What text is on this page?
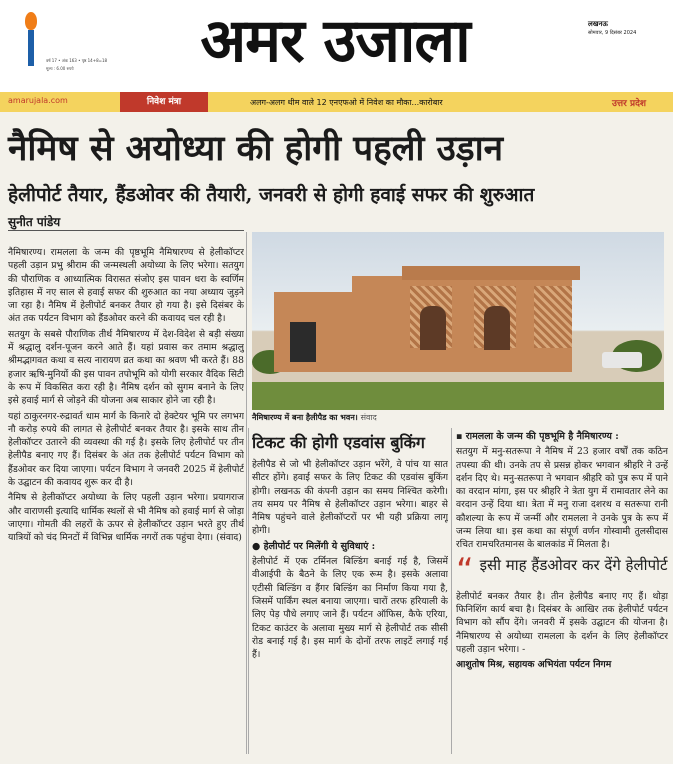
वर्ष 17 • अंक 163 • पृष्ठ 14+8=18
मूल्य : 6.00 रुपये	अमर उजाला	लखनऊ
सोमवार, 9 दिसंबर 2024
amarujala.com	निवेश मंत्रा	अलग-अलग थीम वाले 12 एनएफओ में निवेश का मौका...कारोबार	उत्तर प्रदेश
नैमिष से अयोध्या की होगी पहली उड़ान
हेलीपोर्ट तैयार, हैंडओवर की तैयारी, जनवरी से होगी हवाई सफर की शुरुआत
सुनीत पांडेय

नैमिषारण्य। रामलला के जन्म की पृष्ठभूमि नैमिषारण्य से हेलीकॉप्टर पहली उड़ान प्रभु श्रीराम की जन्मस्थली अयोध्या के लिए भरेगा। सतयुग की पौराणिक व आध्यात्मिक विरासत संजोए इस पावन धरा के स्वर्णिम इतिहास में नए साल से हवाई सफर की शुरुआत का नया अध्याय जुड़ने जा रहा है। नैमिष में हेलीपोर्ट बनकर तैयार हो गया है। इसे दिसंबर के अंत तक पर्यटन विभाग को हैंडओवर करने की कवायद चल रही है।

सतयुग के सबसे पौराणिक तीर्थ नैमिषारण्य में देश-विदेश से बड़ी संख्या में श्रद्धालु दर्शन-पूजन करने आते हैं। यहां प्रवास कर तमाम श्रद्धालु श्रीमद्भागवत कथा व सत्य नारायण व्रत कथा का श्रवण भी करते हैं। 88 हजार ऋषि-मुनियों की इस पावन तपोभूमि को योगी सरकार वैदिक सिटी के रूप में विकसित करा रही है। नैमिष दर्शन को सुगम बनाने के लिए इसे हवाई मार्ग से जोड़ने की योजना अब साकार होने जा रही है।

यहां ठाकुरनगर-रुद्रावर्त धाम मार्ग के किनारे दो हेक्टेयर भूमि पर लगभग नौ करोड़ रुपये की लागत से हेलीपोर्ट बनकर तैयार है। इसके साथ तीन हेलीकॉप्टर उतारने की व्यवस्था की गई है। इसके लिए हेलीपोर्ट पर तीन हेलीपैड बनाए गए हैं। दिसंबर के अंत तक हेलीपोर्ट पर्यटन विभाग को हैंडओवर कर दिया जाएगा। पर्यटन विभाग ने जनवरी 2025 में हेलीपोर्ट के उद्घाटन की कवायद शुरू कर दी है।

नैमिष से हेलीकॉप्टर अयोध्या के लिए पहली उड़ान भरेगा। प्रयागराज और वाराणसी इत्यादि धार्मिक स्थलों से भी नैमिष को हवाई मार्ग से जोड़ा जाएगा। गोमती की लहरों के ऊपर से हेलीकॉप्टर उड़ान भरते हुए तीर्थ यात्रियों को चंद मिनटों में विभिन्न धार्मिक नगरों तक पहुंचा देगा। (संवाद)

नैमिषारण्य में बना हैलीपैड का भवन। संवाद
टिकट की होगी एडवांस बुकिंग

हेलीपैड से जो भी हेलीकॉप्टर उड़ान भरेंगे, वे पांच या सात सीटर होंगे। हवाई सफर के लिए टिकट की एडवांस बुकिंग होगी। लखनऊ की कंपनी उड़ान का समय निश्चित करेगी। तय समय पर नैमिष से हेलीकॉप्टर उड़ान भरेगा। बाहर से नैमिष पहुंचने वाले हेलीकॉप्टरों पर भी यही प्रक्रिया लागू होगी।

● हेलीपोर्ट पर मिलेंगी ये सुविधाएं :

हेलीपोर्ट में एक टर्मिनल बिल्डिंग बनाई गई है, जिसमें वीआईपी के बैठने के लिए एक रूम है। इसके अलावा एटीसी बिल्डिंग व हैंगर बिल्डिंग का निर्माण किया गया है, जिसमें पार्किंग स्थल बनाया जाएगा। चारों तरफ हरियाली के लिए पेड़ पौधे लगाए जाने हैं। पर्यटन ऑफिस, कैफे एरिया, टिकट काउंटर के अलावा मुख्य मार्ग से हेलीपोर्ट तक सीसी रोड बनाई गई है। इस मार्ग के दोनों तरफ लाइटें लगाई गई हैं।

▪ रामलला के जन्म की पृष्ठभूमि है नैमिषारण्य :

सतयुग में मनु-सतरूपा ने नैमिष में 23 हजार वर्षों तक कठिन तपस्या की थी। उनके तप से प्रसन्न होकर भगवान श्रीहरि ने उन्हें दर्शन दिए थे। मनु-सतरूपा ने भगवान श्रीहरि को पुत्र रूप में पाने का वरदान मांगा, इस पर श्रीहरि ने त्रेता युग में रामावतार लेने का वरदान उन्हें दिया था। त्रेता में मनु राजा दशरथ व सतरूपा रानी कौशल्या के रूप में जन्मीं और रामलला ने उनके पुत्र के रूप में जन्म लिया था। इस कथा का संपूर्ण वर्णन गोस्वामी तुलसीदास रचित रामचरितमानस के बालकांड में मिलता है।

“ इसी माह हैंडओवर कर देंगे हेलीपोर्ट

हेलीपोर्ट बनकर तैयार है। तीन हेलीपैड बनाए गए हैं। थोड़ा फिनिशिंग कार्य बचा है। दिसंबर के आखिर तक हेलीपोर्ट पर्यटन विभाग को सौंप देंगे। जनवरी में इसके उद्घाटन की योजना है। नैमिषारण्य से अयोध्या रामलला के दर्शन के लिए हेलीकॉप्टर पहली उड़ान भरेगा। -

आशुतोष मिश्र, सहायक अभियंता पर्यटन निगम
